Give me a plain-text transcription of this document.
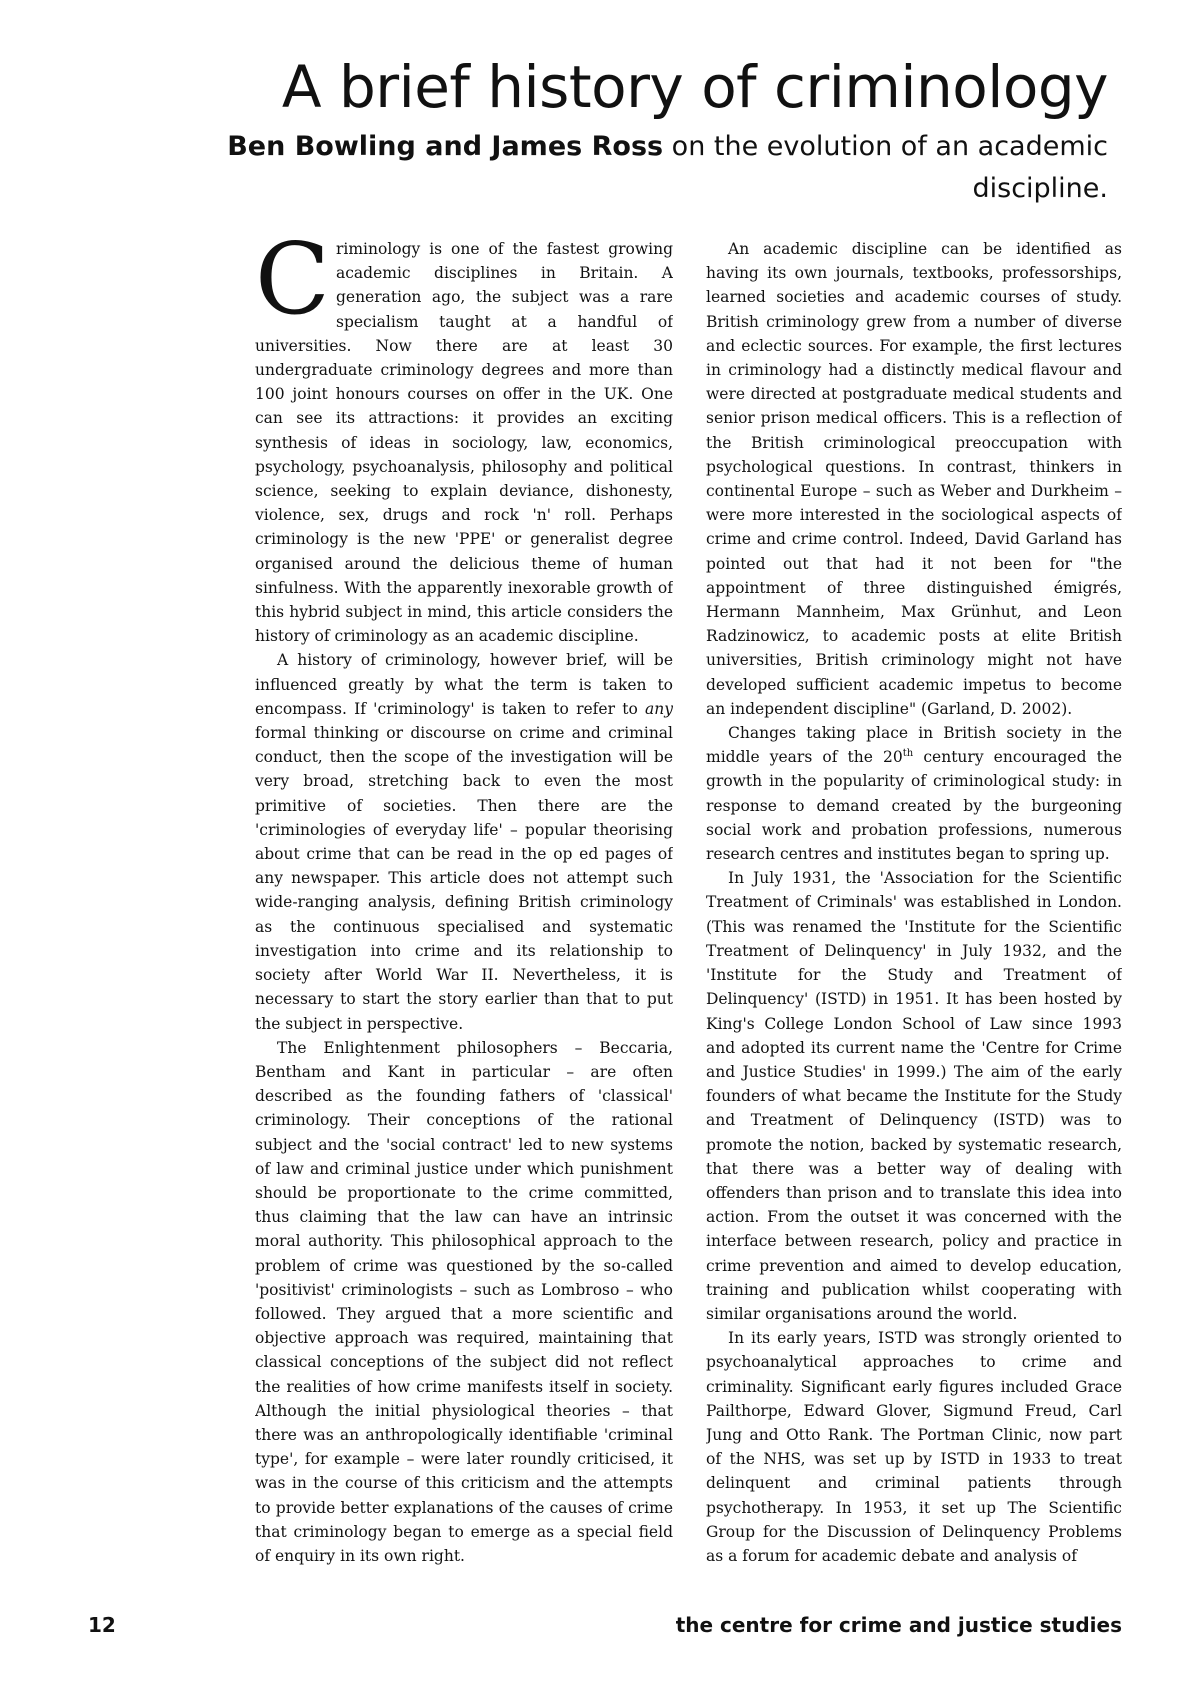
A brief history of criminology
Ben Bowling and James Ross on the evolution of an academic discipline.

Criminology is one of the fastest growing academic disciplines in Britain. A generation ago, the subject was a rare specialism taught at a handful of universities. Now there are at least 30 undergraduate criminology degrees and more than 100 joint honours courses on offer in the UK. One can see its attractions: it provides an exciting synthesis of ideas in sociology, law, economics, psychology, psychoanalysis, philosophy and political science, seeking to explain deviance, dishonesty, violence, sex, drugs and rock 'n' roll. Perhaps criminology is the new 'PPE' or generalist degree organised around the delicious theme of human sinfulness. With the apparently inexorable growth of this hybrid subject in mind, this article considers the history of criminology as an academic discipline.

A history of criminology, however brief, will be influenced greatly by what the term is taken to encompass. If 'criminology' is taken to refer to any formal thinking or discourse on crime and criminal conduct, then the scope of the investigation will be very broad, stretching back to even the most primitive of societies. Then there are the 'criminologies of everyday life' – popular theorising about crime that can be read in the op ed pages of any newspaper. This article does not attempt such wide-ranging analysis, defining British criminology as the continuous specialised and systematic investigation into crime and its relationship to society after World War II. Nevertheless, it is necessary to start the story earlier than that to put the subject in perspective.

The Enlightenment philosophers – Beccaria, Bentham and Kant in particular – are often described as the founding fathers of 'classical' criminology. Their conceptions of the rational subject and the 'social contract' led to new systems of law and criminal justice under which punishment should be proportionate to the crime committed, thus claiming that the law can have an intrinsic moral authority. This philosophical approach to the problem of crime was questioned by the so-called 'positivist' criminologists – such as Lombroso – who followed. They argued that a more scientific and objective approach was required, maintaining that classical conceptions of the subject did not reflect the realities of how crime manifests itself in society. Although the initial physiological theories – that there was an anthropologically identifiable 'criminal type', for example – were later roundly criticised, it was in the course of this criticism and the attempts to provide better explanations of the causes of crime that criminology began to emerge as a special field of enquiry in its own right.

An academic discipline can be identified as having its own journals, textbooks, professorships, learned societies and academic courses of study. British criminology grew from a number of diverse and eclectic sources. For example, the first lectures in criminology had a distinctly medical flavour and were directed at postgraduate medical students and senior prison medical officers. This is a reflection of the British criminological preoccupation with psychological questions. In contrast, thinkers in continental Europe – such as Weber and Durkheim – were more interested in the sociological aspects of crime and crime control. Indeed, David Garland has pointed out that had it not been for "the appointment of three distinguished émigrés, Hermann Mannheim, Max Grünhut, and Leon Radzinowicz, to academic posts at elite British universities, British criminology might not have developed sufficient academic impetus to become an independent discipline" (Garland, D. 2002).

Changes taking place in British society in the middle years of the 20th century encouraged the growth in the popularity of criminological study: in response to demand created by the burgeoning social work and probation professions, numerous research centres and institutes began to spring up.

In July 1931, the 'Association for the Scientific Treatment of Criminals' was established in London. (This was renamed the 'Institute for the Scientific Treatment of Delinquency' in July 1932, and the 'Institute for the Study and Treatment of Delinquency' (ISTD) in 1951. It has been hosted by King's College London School of Law since 1993 and adopted its current name the 'Centre for Crime and Justice Studies' in 1999.) The aim of the early founders of what became the Institute for the Study and Treatment of Delinquency (ISTD) was to promote the notion, backed by systematic research, that there was a better way of dealing with offenders than prison and to translate this idea into action. From the outset it was concerned with the interface between research, policy and practice in crime prevention and aimed to develop education, training and publication whilst cooperating with similar organisations around the world.

In its early years, ISTD was strongly oriented to psychoanalytical approaches to crime and criminality. Significant early figures included Grace Pailthorpe, Edward Glover, Sigmund Freud, Carl Jung and Otto Rank. The Portman Clinic, now part of the NHS, was set up by ISTD in 1933 to treat delinquent and criminal patients through psychotherapy. In 1953, it set up The Scientific Group for the Discussion of Delinquency Problems as a forum for academic debate and analysis of

12	the centre for crime and justice studies
